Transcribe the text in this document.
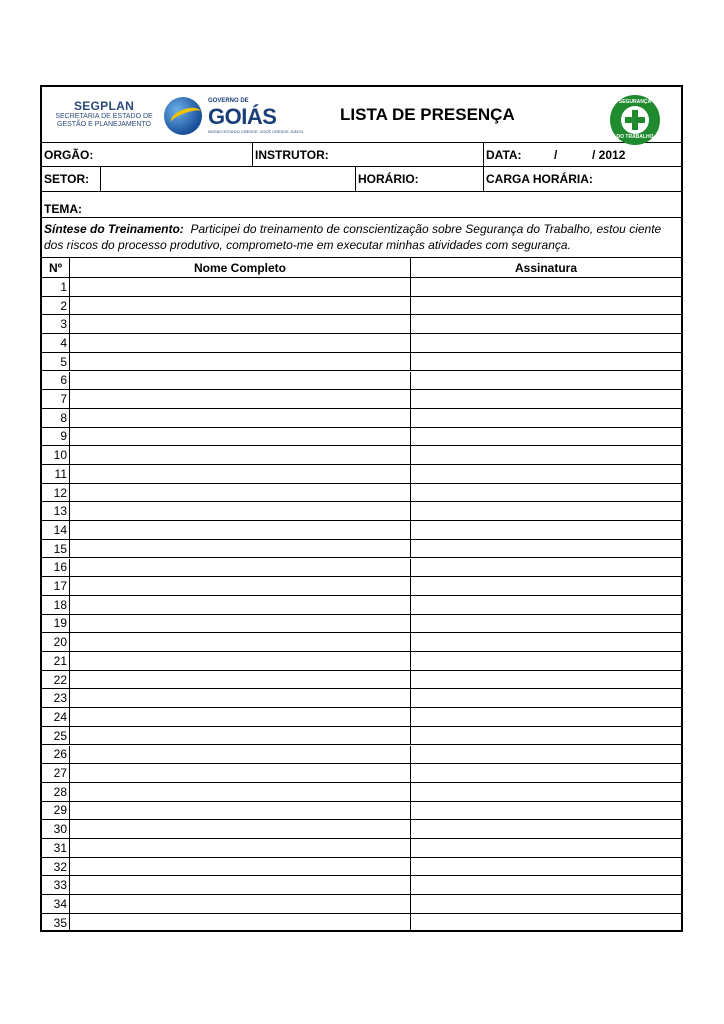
SEGPLAN
SECRETARIA DE ESTADO DE
GESTÃO E PLANEJAMENTO
GOVERNO DE
GOIÁS
NOSSO ESTADO CRESCE. VOCÊ CRESCE JUNTO.
LISTA DE PRESENÇA
SEGURANÇA
DO TRABALHO
ORGÃO:	INSTRUTOR:	DATA:	/	/ 2012
SETOR:	HORÁRIO:	CARGA HORÁRIA:
TEMA:
Síntese do Treinamento: Participei do treinamento de conscientização sobre Segurança do Trabalho, estou ciente dos riscos do processo produtivo, comprometo-me em executar minhas atividades com segurança.
Nº	Nome Completo	Assinatura
1
2
3
4
5
6
7
8
9
10
11
12
13
14
15
16
17
18
19
20
21
22
23
24
25
26
27
28
29
30
31
32
33
34
35
